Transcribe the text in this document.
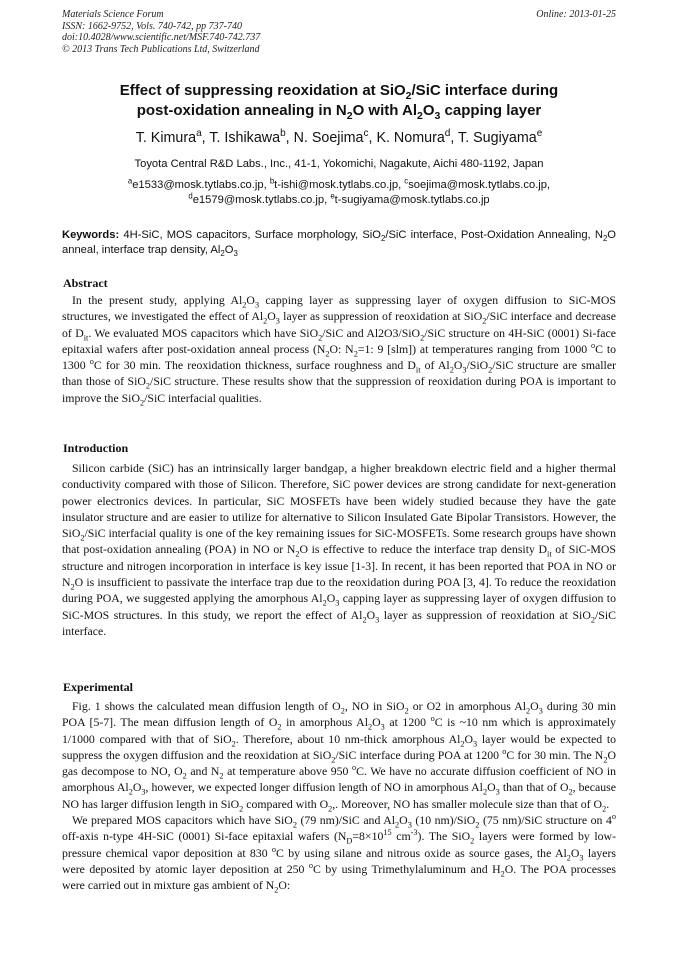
Materials Science Forum
ISSN: 1662-9752, Vols. 740-742, pp 737-740
doi:10.4028/www.scientific.net/MSF.740-742.737
© 2013 Trans Tech Publications Ltd, Switzerland
Online: 2013-01-25
Effect of suppressing reoxidation at SiO$_2$/SiC interface during
post-oxidation annealing in $N_2O$ with $Al_2O_3$ capping layer
T. Kimura$^a$, T. Ishikawa$^b$, N. Soejima$^c$, K. Nomura$^d$, T. Sugiyama$^e$
Toyota Central R&D Labs., Inc., 41-1, Yokomichi, Nagakute, Aichi 480-1192, Japan
$^a$e1533@mosk.tytlabs.co.jp, $^b$t-ishi@mosk.tytlabs.co.jp, $^c$soejima@mosk.tytlabs.co.jp,
$^d$e1579@mosk.tytlabs.co.jp, $^e$t-sugiyama@mosk.tytlabs.co.jp
Keywords: 4H-SiC, MOS capacitors, Surface morphology, SiO$_2$/SiC interface, Post-Oxidation Annealing, $N_2O$ anneal, interface trap density, $Al_2O_3$
Abstract

In the present study, applying $Al_2O_3$ capping layer as suppressing layer of oxygen diffusion to SiC-MOS structures, we investigated the effect of $Al_2O_3$ layer as suppression of reoxidation at SiO$_2$/SiC interface and decrease of $D_{it}$. We evaluated MOS capacitors which have SiO$_2$/SiC and Al2O3/SiO$_2$/SiC structure on 4H-SiC (0001) Si-face epitaxial wafers after post-oxidation anneal process ($N_2O$: $N_2=1$: 9 [slm]) at temperatures ranging from 1000 $^o$C to 1300 $^o$C for 30 min. The reoxidation thickness, surface roughness and $D_{it}$ of $Al_2O_3/SiO_2$/SiC structure are smaller than those of SiO$_2$/SiC structure. These results show that the suppression of reoxidation during POA is important to improve the SiO$_2$/SiC interfacial qualities.

Introduction

Silicon carbide (SiC) has an intrinsically larger bandgap, a higher breakdown electric field and a higher thermal conductivity compared with those of Silicon. Therefore, SiC power devices are strong candidate for next-generation power electronics devices. In particular, SiC MOSFETs have been widely studied because they have the gate insulator structure and are easier to utilize for alternative to Silicon Insulated Gate Bipolar Transistors. However, the SiO$_2$/SiC interfacial quality is one of the key remaining issues for SiC-MOSFETs. Some research groups have shown that post-oxidation annealing (POA) in NO or $N_2O$ is effective to reduce the interface trap density $D_{it}$ of SiC-MOS structure and nitrogen incorporation in interface is key issue [1-3]. In recent, it has been reported that POA in NO or $N_2O$ is insufficient to passivate the interface trap due to the reoxidation during POA [3, 4]. To reduce the reoxidation during POA, we suggested applying the amorphous $Al_2O_3$ capping layer as suppressing layer of oxygen diffusion to SiC-MOS structures. In this study, we report the effect of $Al_2O_3$ layer as suppression of reoxidation at SiO$_2$/SiC interface.

Experimental

Fig. 1 shows the calculated mean diffusion length of $O_2$, NO in SiO$_2$ or O2 in amorphous $Al_2O_3$ during 30 min POA [5-7]. The mean diffusion length of $O_2$ in amorphous $Al_2O_3$ at 1200 $^o$C is ~10 nm which is approximately 1/1000 compared with that of SiO$_2$. Therefore, about 10 nm-thick amorphous $Al_2O_3$ layer would be expected to suppress the oxygen diffusion and the reoxidation at SiO$_2$/SiC interface during POA at 1200 $^o$C for 30 min. The $N_2O$ gas decompose to NO, $O_2$ and $N_2$ at temperature above 950 $^o$C. We have no accurate diffusion coefficient of NO in amorphous $Al_2O_3$, however, we expected longer diffusion length of NO in amorphous $Al_2O_3$ than that of $O_2$, because NO has larger diffusion length in SiO$_2$ compared with $O_2$,. Moreover, NO has smaller molecule size than that of $O_2$.

We prepared MOS capacitors which have SiO$_2$ (79 nm)/SiC and $Al_2O_3$ (10 nm)/SiO$_2$ (75 nm)/SiC structure on 4$^o$ off-axis n-type 4H-SiC (0001) Si-face epitaxial wafers ($N_D=8\times 10^{15}$ $cm^{-3}$). The SiO$_2$ layers were formed by low-pressure chemical vapor deposition at 830 $^o$C by using silane and nitrous oxide as source gases, the $Al_2O_3$ layers were deposited by atomic layer deposition at 250 $^o$C by using Trimethylaluminum and $H_2O$. The POA processes were carried out in mixture gas ambient of $N_2O$:
